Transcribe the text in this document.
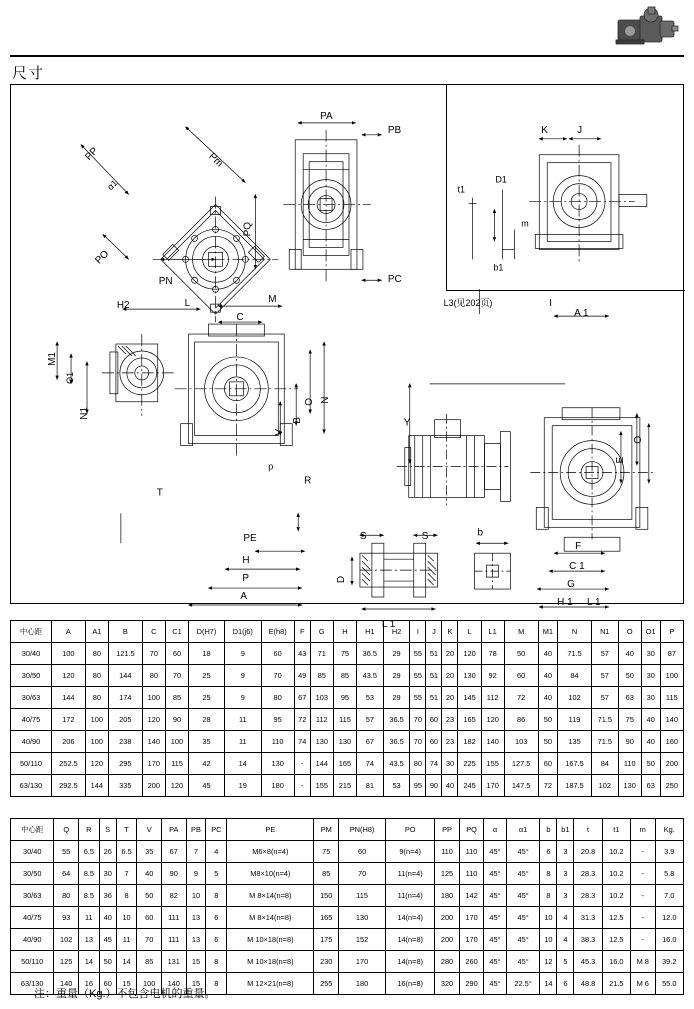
尺寸
PP	Pm
PO
PN
PQ
α1
PA
PB
PC
K	J
t1
D1
m
b1
H2	L	M
C
M1
O1
N1
T
PE
H
P
A
R
O N
B
V
p
S	S
D
L 1
b
L3(见202页)	I
Y
A 1
O
E
F
C 1
G
H 1 L 1
中心距	A	A1	B	C	C1	D(H7)	D1(j6)	E(h8)	F	G	H	H1	H2	I	J	K	L	L1	M	M1	N	N1	O	O1	P
30/40	100	80	121.5	70	60	18	9	60	43	71	75	36.5	29	55	51	20	120	78	50	40	71.5	57	40	30	87
30/50	120	80	144	80	70	25	9	70	49	85	85	43.5	29	55	51	20	130	92	60	40	84	57	50	30	100
30/63	144	80	174	100	85	25	9	80	67	103	95	53	29	55	51	20	145	112	72	40	102	57	63	30	115
40/75	172	100	205	120	90	28	11	95	72	112	115	57	36.5	70	60	23	165	120	86	50	119	71.5	75	40	140
40/90	206	100	238	140	100	35	11	110	74	130	130	67	36.5	70	60	23	182	140	103	50	135	71.5	90	40	160
50/110	252.5	120	295	170	115	42	14	130	-	144	165	74	43.5	80	74	30	225	155	127.5	60	167.5	84	110	50	200
63/130	292.5	144	335	200	120	45	19	180	-	155	215	81	53	95	90	40	245	170	147.5	72	187.5	102	130	63	250
中心距	Q	R	S	T	V	PA	PB	PC	PE	PM	PN(H8)	PO	PP	PQ	α	α1	b	b1	t	t1	m	Kg.
30/40	55	6.5	26	6.5	35	67	7	4	M6×8(n=4)	75	60	9(n=4)	110	110	45°	45°	6	3	20.8	10.2	-	3.9
30/50	64	8.5	30	7	40	90	9	5	M8×10(n=4)	85	70	11(n=4)	125	110	45°	45°	8	3	28.3	10.2	-	5.8
30/63	80	8.5	36	8	50	82	10	8	M 8×14(n=8)	150	115	11(n=4)	180	142	45°	45°	8	3	28.3	10.2	-	7.0
40/75	93	11	40	10	60	111	13	6	M 8×14(n=8)	165	130	14(n=4)	200	170	45°	45°	10	4	31.3	12.5	-	12.0
40/90	102	13	45	11	70	111	13	6	M 10×18(n=8)	175	152	14(n=8)	200	170	45°	45°	10	4	38.3	12.5	-	16.0
50/110	125	14	50	14	85	131	15	8	M 10×18(n=8)	230	170	14(n=8)	280	260	45°	45°	12	5	45.3	16.0	M 8	39.2
63/130	140	16	60	15	100	140	15	8	M 12×21(n=8)	255	180	16(n=8)	320	290	45°	22.5°	14	6	48.8	21.5	M 6	55.0
注：重量（Kg.）不包含电机的重量。
